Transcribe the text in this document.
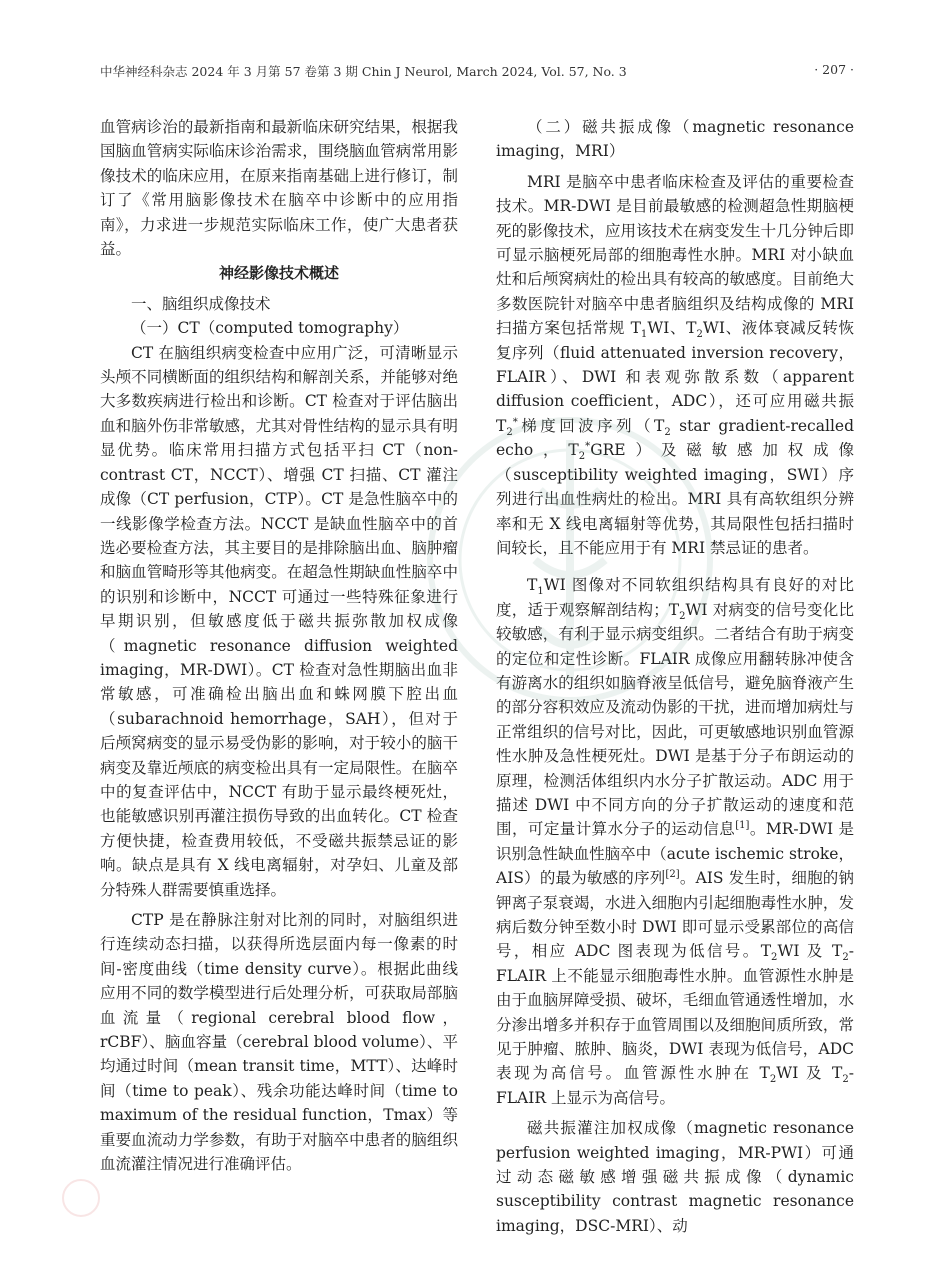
中华神经科杂志 2024 年 3 月第 57 卷第 3 期 Chin J Neurol, March 2024, Vol. 57, No. 3	· 207 ·

血管病诊治的最新指南和最新临床研究结果，根据我国脑血管病实际临床诊治需求，围绕脑血管病常用影像技术的临床应用，在原来指南基础上进行修订，制订了《常用脑影像技术在脑卒中诊断中的应用指南》，力求进一步规范实际临床工作，使广大患者获益。

神经影像技术概述

一、脑组织成像技术

（一）CT（computed tomography）

CT 在脑组织病变检查中应用广泛，可清晰显示头颅不同横断面的组织结构和解剖关系，并能够对绝大多数疾病进行检出和诊断。CT 检查对于评估脑出血和脑外伤非常敏感，尤其对骨性结构的显示具有明显优势。临床常用扫描方式包括平扫 CT（non-contrast CT，NCCT）、增强 CT 扫描、CT 灌注成像（CT perfusion，CTP）。CT 是急性脑卒中的一线影像学检查方法。NCCT 是缺血性脑卒中的首选必要检查方法，其主要目的是排除脑出血、脑肿瘤和脑血管畸形等其他病变。在超急性期缺血性脑卒中的识别和诊断中，NCCT 可通过一些特殊征象进行早期识别，但敏感度低于磁共振弥散加权成像（magnetic resonance diffusion weighted imaging，MR-DWI）。CT 检查对急性期脑出血非常敏感，可准确检出脑出血和蛛网膜下腔出血（subarachnoid hemorrhage，SAH），但对于后颅窝病变的显示易受伪影的影响，对于较小的脑干病变及靠近颅底的病变检出具有一定局限性。在脑卒中的复查评估中，NCCT 有助于显示最终梗死灶，也能敏感识别再灌注损伤导致的出血转化。CT 检查方便快捷，检查费用较低，不受磁共振禁忌证的影响。缺点是具有 X 线电离辐射，对孕妇、儿童及部分特殊人群需要慎重选择。

CTP 是在静脉注射对比剂的同时，对脑组织进行连续动态扫描，以获得所选层面内每一像素的时间-密度曲线（time density curve）。根据此曲线应用不同的数学模型进行后处理分析，可获取局部脑血流量（regional cerebral blood flow，rCBF）、脑血容量（cerebral blood volume）、平均通过时间（mean transit time，MTT）、达峰时间（time to peak）、残余功能达峰时间（time to maximum of the residual function，Tmax）等重要血流动力学参数，有助于对脑卒中患者的脑组织血流灌注情况进行准确评估。

（二）磁共振成像（magnetic resonance imaging，MRI）

MRI 是脑卒中患者临床检查及评估的重要检查技术。MR-DWI 是目前最敏感的检测超急性期脑梗死的影像技术，应用该技术在病变发生十几分钟后即可显示脑梗死局部的细胞毒性水肿。MRI 对小缺血灶和后颅窝病灶的检出具有较高的敏感度。目前绝大多数医院针对脑卒中患者脑组织及结构成像的 MRI 扫描方案包括常规 $T_1WI$、$T_2WI$、液体衰减反转恢复序列（fluid attenuated inversion recovery，FLAIR）、DWI 和表观弥散系数（apparent diffusion coefficient，ADC），还可应用磁共振 $T_2^*$梯度回波序列（$T_2$ star gradient-recalled echo，$T_2^*GRE$）及磁敏感加权成像（susceptibility weighted imaging，SWI）序列进行出血性病灶的检出。MRI 具有高软组织分辨率和无 X 线电离辐射等优势，其局限性包括扫描时间较长，且不能应用于有 MRI 禁忌证的患者。

$T_1WI$ 图像对不同软组织结构具有良好的对比度，适于观察解剖结构；$T_2WI$ 对病变的信号变化比较敏感，有利于显示病变组织。二者结合有助于病变的定位和定性诊断。FLAIR 成像应用翻转脉冲使含有游离水的组织如脑脊液呈低信号，避免脑脊液产生的部分容积效应及流动伪影的干扰，进而增加病灶与正常组织的信号对比，因此，可更敏感地识别血管源性水肿及急性梗死灶。DWI 是基于分子布朗运动的原理，检测活体组织内水分子扩散运动。ADC 用于描述 DWI 中不同方向的分子扩散运动的速度和范围，可定量计算水分子的运动信息[1]。MR-DWI 是识别急性缺血性脑卒中（acute ischemic stroke，AIS）的最为敏感的序列[2]。AIS 发生时，细胞的钠钾离子泵衰竭，水进入细胞内引起细胞毒性水肿，发病后数分钟至数小时 DWI 即可显示受累部位的高信号，相应 ADC 图表现为低信号。$T_2WI$ 及 $T_2$-FLAIR 上不能显示细胞毒性水肿。血管源性水肿是由于血脑屏障受损、破坏，毛细血管通透性增加，水分渗出增多并积存于血管周围以及细胞间质所致，常见于肿瘤、脓肿、脑炎，DWI 表现为低信号，ADC 表现为高信号。血管源性水肿在 $T_2WI$ 及 $T_2$-FLAIR 上显示为高信号。

磁共振灌注加权成像（magnetic resonance perfusion weighted imaging，MR-PWI）可通过动态磁敏感增强磁共振成像（dynamic susceptibility contrast magnetic resonance imaging，DSC-MRI）、动
